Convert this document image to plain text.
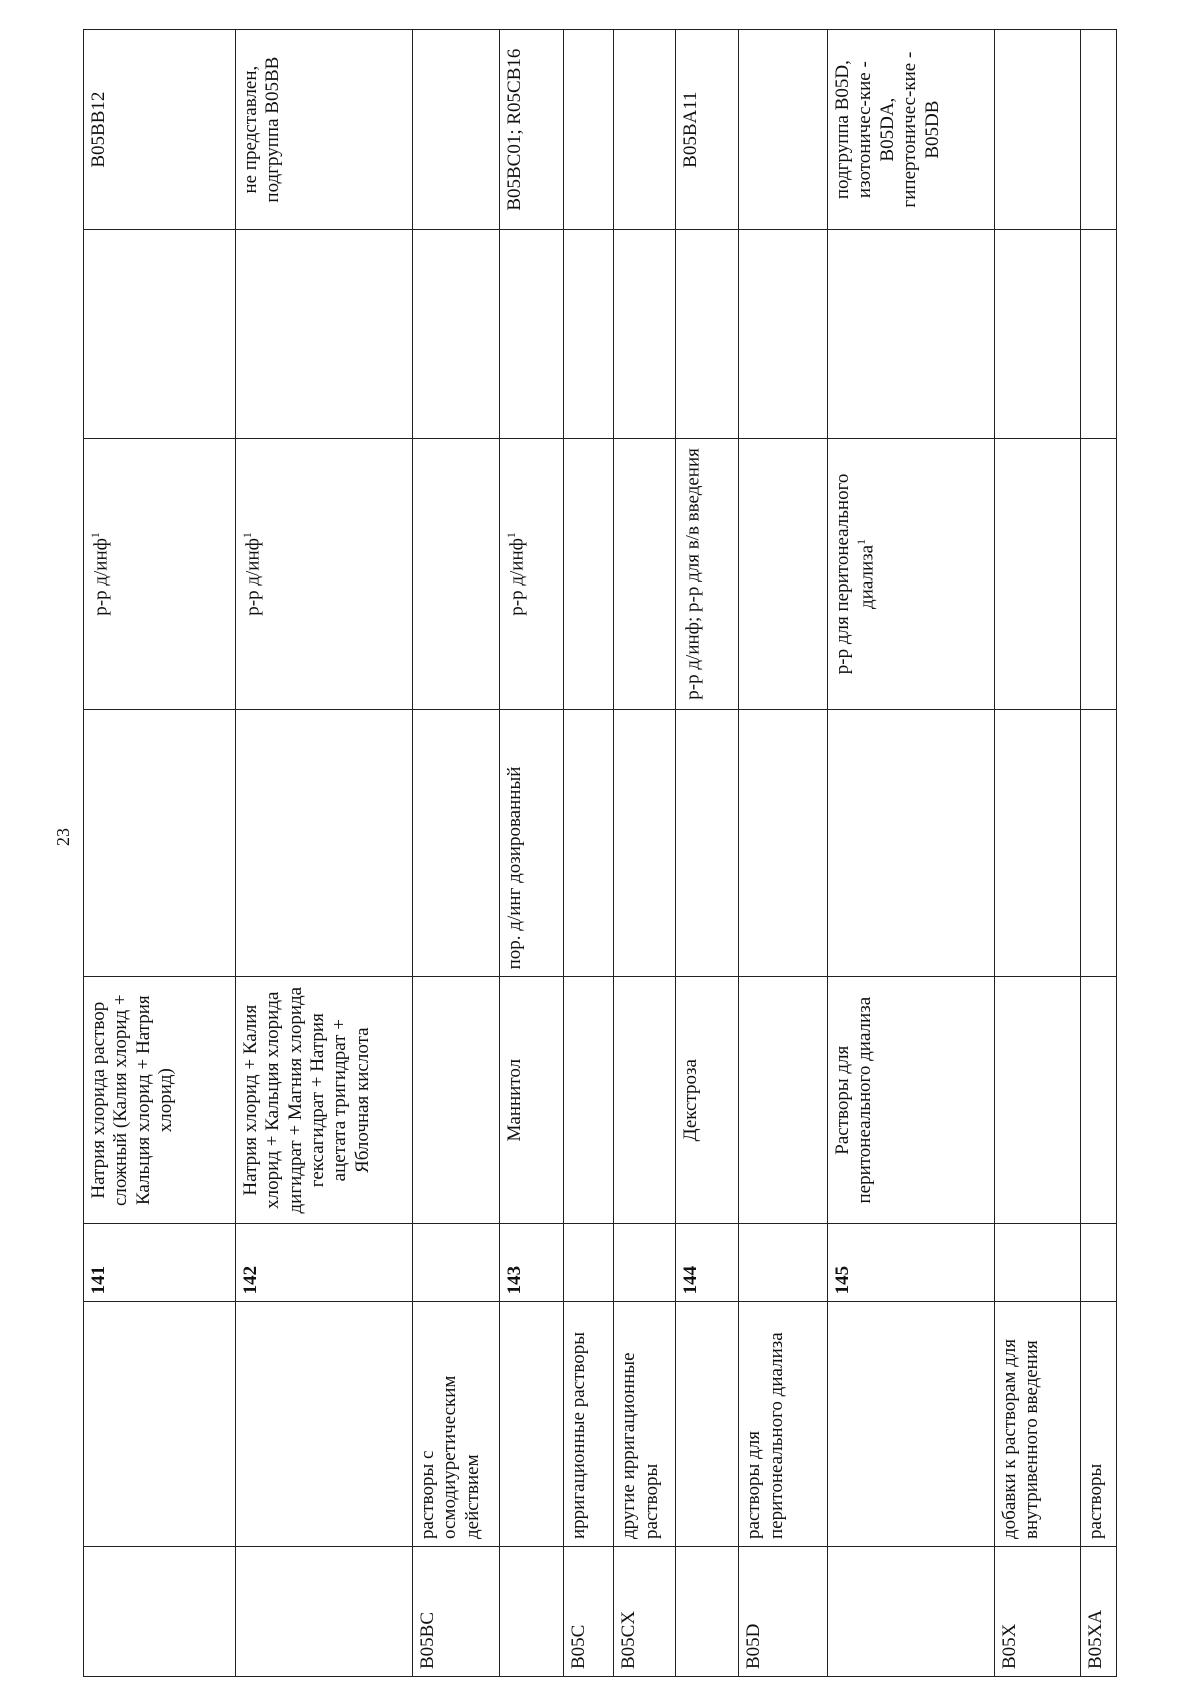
23
		141	Натрия хлорида раствор сложный (Калия хлорид + Кальция хлорид + Натрия хлорид)		р-р д/инф$^1$		B05BB12
		142	Натрия хлорид + Калия хлорид + Кальция хлорида дигидрат + Магния хлорида гексагидрат + Натрия ацетата тригидрат + Яблочная кислота		р-р д/инф$^1$		не представлен, подгруппа B05BB
B05BC	растворы с осмодиуретическим действием						
		143	Маннитол	пор. д/инг дозированный	р-р д/инф$^1$		B05BC01; R05CB16
B05C	ирригационные растворы						
B05CX	другие ирригационные растворы						
		144	Декстроза		р-р д/инф; р-р для в/в введения		B05BA11
B05D	растворы для перитонеального диализа						
		145	Растворы для перитонеального диализа		р-р для перитонеального диализа$^1$		подгруппа B05D, изотоничес-кие - B05DA, гипертоничес-кие - B05DB
B05X	добавки к растворам для внутривенного введения						
B05XA	растворы						
